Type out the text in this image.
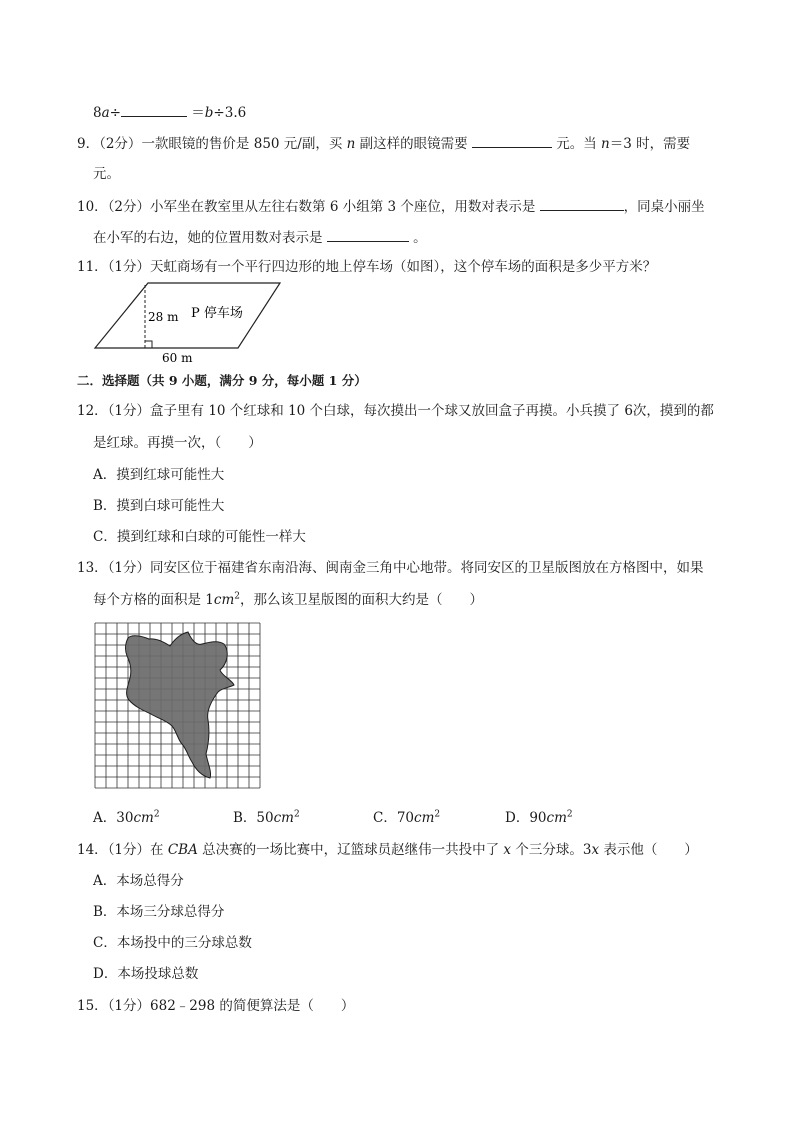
8a÷	＝b÷3.6
9．（2分）一款眼镜的售价是 850 元/副，买 n 副这样的眼镜需要	元。当 n＝3 时，需要
元。
10．（2分）小军坐在教室里从左往右数第 6 小组第 3 个座位，用数对表示是	，同桌小丽坐
在小军的右边，她的位置用数对表示是	。
11．（1分）天虹商场有一个平行四边形的地上停车场（如图），这个停车场的面积是多少平方米？
28 m P 停车场
60 m
二．选择题（共 9 小题，满分 9 分，每小题 1 分）
12．（1分）盒子里有 10 个红球和 10 个白球，每次摸出一个球又放回盒子再摸。小兵摸了 6次，摸到的都
是红球。再摸一次，（　　）
A．摸到红球可能性大
B．摸到白球可能性大
C．摸到红球和白球的可能性一样大
13．（1分）同安区位于福建省东南沿海、闽南金三角中心地带。将同安区的卫星版图放在方格图中，如果
每个方格的面积是 $1cm^2$，那么该卫星版图的面积大约是（　　）
A．$30cm^2$	B．$50cm^2$	C．$70cm^2$	D．$90cm^2$
14．（1分）在 CBA 总决赛的一场比赛中，辽篮球员赵继伟一共投中了 x 个三分球。3x 表示他（　　）
A．本场总得分
B．本场三分球总得分
C．本场投中的三分球总数
D．本场投球总数
15．（1分）682﹣298 的简便算法是（　　）
